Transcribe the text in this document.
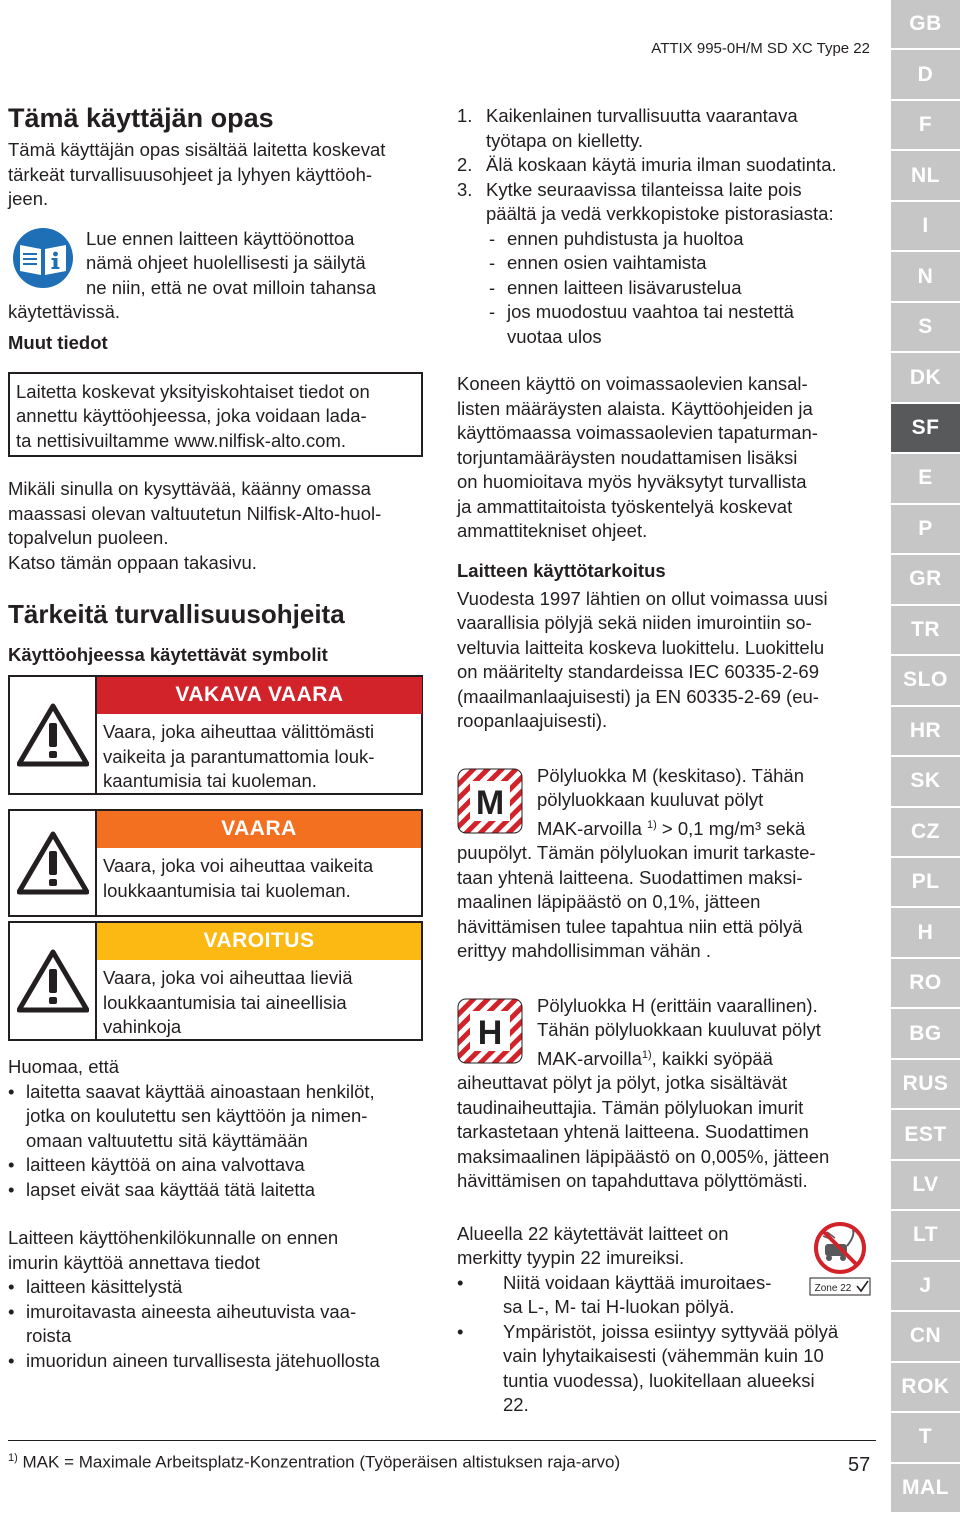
ATTIX 995-0H/M SD XC Type 22
Tämä käyttäjän opas
Tämä käyttäjän opas sisältää laitetta koskevat
tärkeät turvallisuusohjeet ja lyhyen käyttöoh-
jeen.

Lue ennen laitteen käyttöönottoa

nämä ohjeet huolellisesti ja säilytä

ne niin, että ne ovat milloin tahansa

käytettävissä.

Muut tiedot
Laitetta koskevat yksityiskohtaiset tiedot on
annettu käyttöohjeessa, joka voidaan lada-
ta nettisivuiltamme www.nilfisk-alto.com.
Mikäli sinulla on kysyttävää, käänny omassa
maassasi olevan valtuutetun Nilfisk-Alto-huol-
topalvelun puoleen.
Katso tämän oppaan takasivu.
Tärkeitä turvallisuusohjeita
Käyttöohjeessa käytettävät symbolit
VAKAVA VAARA
Vaara, joka aiheuttaa välittömästi
vaikeita ja parantumattomia louk-
kaantumisia tai kuoleman.
VAARA
Vaara, joka voi aiheuttaa vaikeita
loukkaantumisia tai kuoleman.
VAROITUS
Vaara, joka voi aiheuttaa lieviä
loukkaantumisia tai aineellisia
vahinkoja
Huomaa, että
• laitetta saavat käyttää ainoastaan henkilöt,
jotka on koulutettu sen käyttöön ja nimen-
omaan valtuutettu sitä käyttämään
• laitteen käyttöä on aina valvottava
• lapset eivät saa käyttää tätä laitetta
Laitteen käyttöhenkilökunnalle on ennen
imurin käyttöä annettava tiedot
• laitteen käsittelystä
• imuroitavasta aineesta aiheutuvista vaa-
roista
• imuoridun aineen turvallisesta jätehuollosta
1. Kaikenlainen turvallisuutta vaarantava
työtapa on kielletty.
2. Älä koskaan käytä imuria ilman suodatinta.
3. Kytke seuraavissa tilanteissa laite pois
päältä ja vedä verkkopistoke pistorasiasta:
- ennen puhdistusta ja huoltoa
- ennen osien vaihtamista
- ennen laitteen lisävarustelua
- jos muodostuu vaahtoa tai nestettä
vuotaa ulos
Koneen käyttö on voimassaolevien kansal-
listen määräysten alaista. Käyttöohjeiden ja
käyttömaassa voimassaolevien tapaturman-
torjuntamääräysten noudattamisen lisäksi
on huomioitava myös hyväksytyt turvallista
ja ammattitaitoista työskentelyä koskevat
ammattitekniset ohjeet.
Laitteen käyttötarkoitus
Vuodesta 1997 lähtien on ollut voimassa uusi
vaarallisia pölyjä sekä niiden imurointiin so-
veltuvia laitteita koskeva luokittelu. Luokittelu
on määritelty standardeissa IEC 60335-2-69
(maailmanlaajuisesti) ja EN 60335-2-69 (eu-
roopanlaajuisesti).
M
Pölyluokka M (keskitaso). Tähän
pölyluokkaan kuuluvat pölyt
MAK-arvoilla $^{1)}$ > 0,1 mg/m³ sekä
puupölyt. Tämän pölyluokan imurit tarkaste-
taan yhtenä laitteena. Suodattimen maksi-
maalinen läpipäästö on 0,1%, jätteen
hävittämisen tulee tapahtua niin että pölyä
erittyy mahdollisimman vähän .
H
Pölyluokka H (erittäin vaarallinen).
Tähän pölyluokkaan kuuluvat pölyt
MAK-arvoilla$^{1)}$, kaikki syöpää
aiheuttavat pölyt ja pölyt, jotka sisältävät
taudinaiheuttajia. Tämän pölyluokan imurit
tarkastetaan yhtenä laitteena. Suodattimen
maksimaalinen läpipäästö on 0,005%, jätteen
hävittämisen on tapahduttava pölyttömästi.
Zone 22
Alueella 22 käytettävät laitteet on
merkitty tyypin 22 imureiksi.
• Niitä voidaan käyttää imuroitaes-
sa L-, M- tai H-luokan pölyä.
• Ympäristöt, joissa esiintyy syttyvää pölyä
vain lyhytaikaisesti (vähemmän kuin 10
tuntia vuodessa), luokitellaan alueeksi
22.
$^{1)}$ MAK = Maximale Arbeitsplatz-Konzentration (Työperäisen altistuksen raja-arvo)	57
GB
D
F
NL
I
N
S
DK
SF
E
P
GR
TR
SLO
HR
SK
CZ
PL
H
RO
BG
RUS
EST
LV
LT
J
CN
ROK
T
MAL
